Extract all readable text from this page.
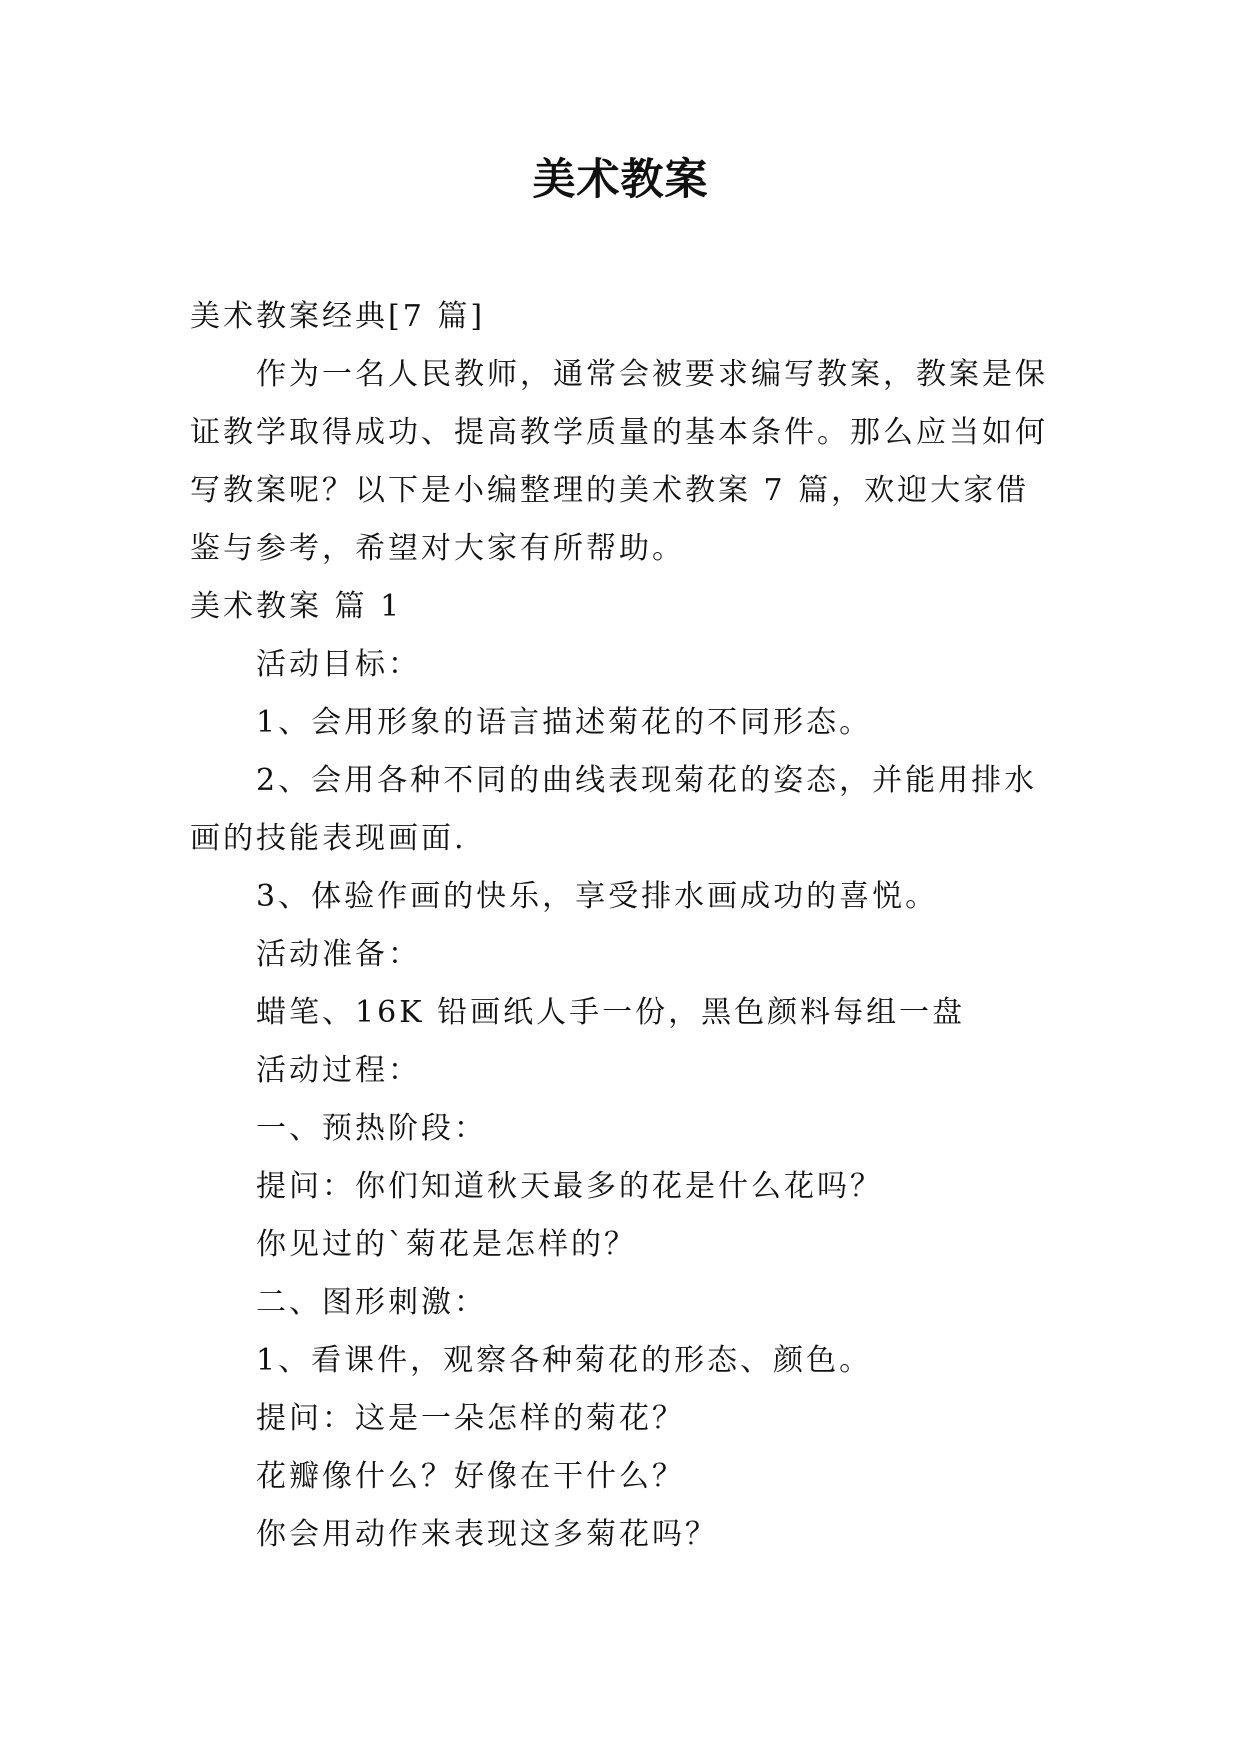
美术教案

美术教案经典[7 篇]

作为一名人民教师，通常会被要求编写教案，教案是保证教学取得成功、提高教学质量的基本条件。那么应当如何写教案呢？以下是小编整理的美术教案 7 篇，欢迎大家借鉴与参考，希望对大家有所帮助。

美术教案 篇 1

活动目标：

1、会用形象的语言描述菊花的不同形态。

2、会用各种不同的曲线表现菊花的姿态，并能用排水画的技能表现画面.

3、体验作画的快乐，享受排水画成功的喜悦。

活动准备：

蜡笔、16K 铅画纸人手一份，黑色颜料每组一盘

活动过程：

一、预热阶段：

提问：你们知道秋天最多的花是什么花吗？

你见过的`菊花是怎样的？

二、图形刺激：

1、看课件，观察各种菊花的形态、颜色。

提问：这是一朵怎样的菊花？

花瓣像什么？好像在干什么？

你会用动作来表现这多菊花吗？
